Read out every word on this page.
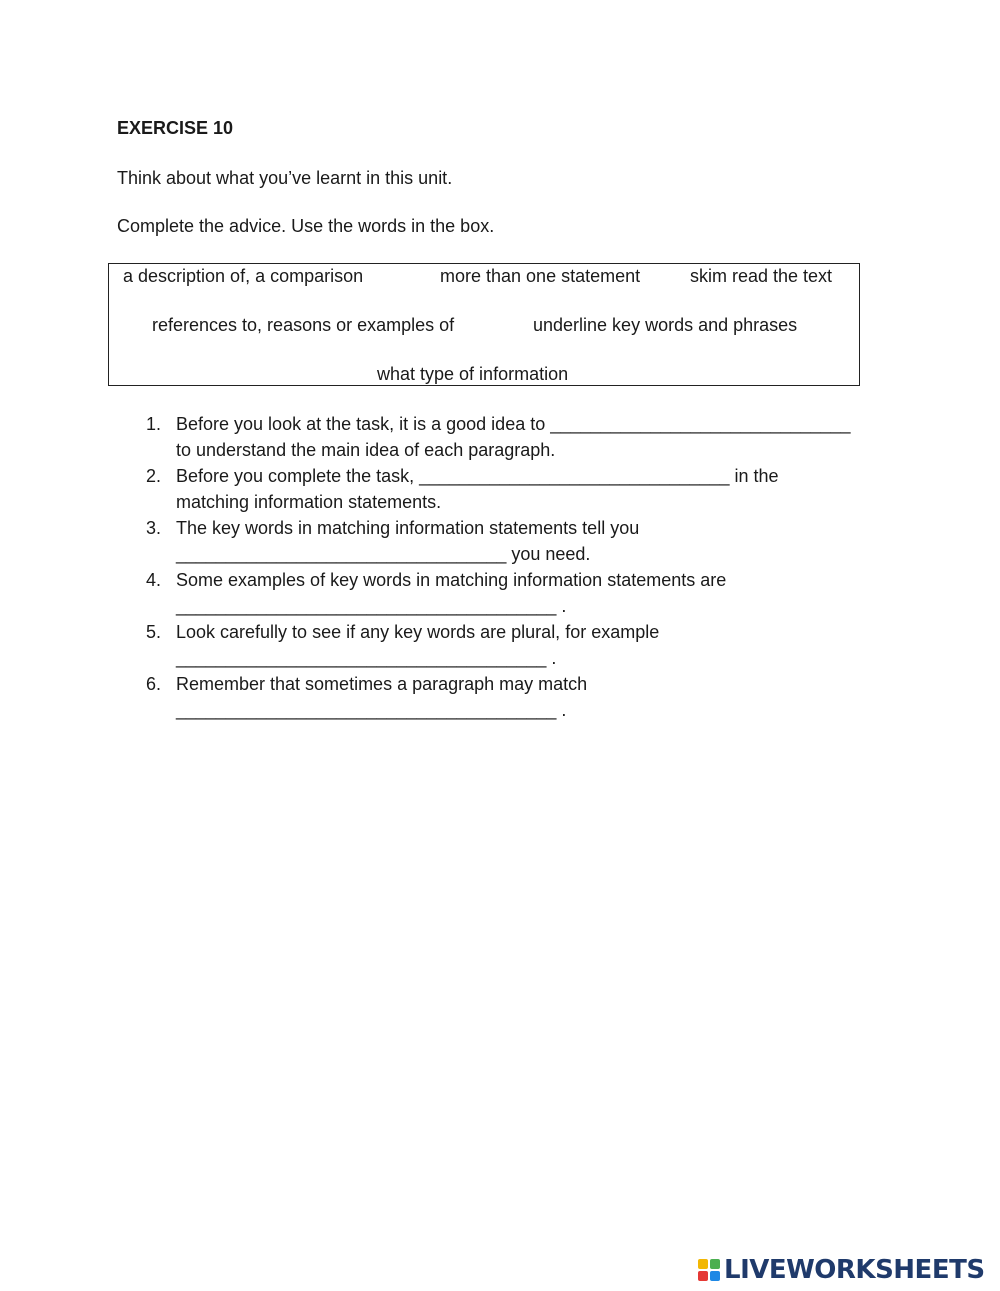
EXERCISE 10

Think about what you’ve learnt in this unit.

Complete the advice. Use the words in the box.

a description of, a comparison	more than one statement	skim read the text
references to, reasons or examples of	underline key words and phrases
what type of information
1. Before you look at the task, it is a good idea to ______________________________
to understand the main idea of each paragraph.
2. Before you complete the task, _______________________________ in the
matching information statements.
3. The key words in matching information statements tell you
_________________________________ you need.
4. Some examples of key words in matching information statements are
______________________________________ .
5. Look carefully to see if any key words are plural, for example
_____________________________________ .
6. Remember that sometimes a paragraph may match
______________________________________ .
LIVEWORKSHEETS
